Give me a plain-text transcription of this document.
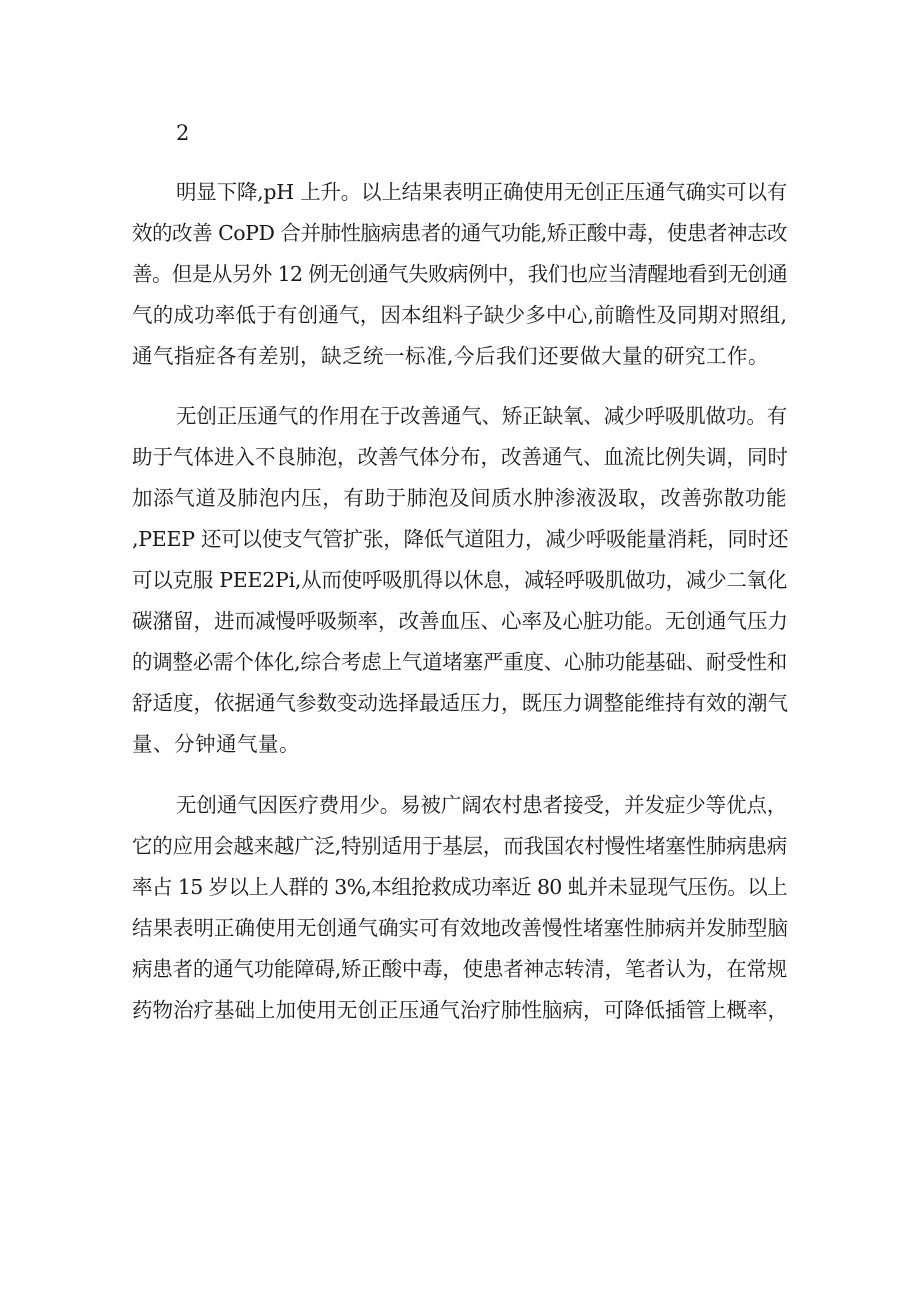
2
明显下降,pH 上升。以上结果表明正确使用无创正压通气确实可以有
效的改善 CoPD 合并肺性脑病患者的通气功能,矫正酸中毒，使患者神志改
善。但是从另外 12 例无创通气失败病例中，我们也应当清醒地看到无创通
气的成功率低于有创通气，因本组料子缺少多中心,前瞻性及同期对照组,
通气指症各有差别，缺乏统一标准,今后我们还要做大量的研究工作。
无创正压通气的作用在于改善通气、矫正缺氧、减少呼吸肌做功。有
助于气体进入不良肺泡，改善气体分布，改善通气、血流比例失调，同时
加添气道及肺泡内压，有助于肺泡及间质水肿渗液汲取，改善弥散功能
,PEEP 还可以使支气管扩张，降低气道阻力，减少呼吸能量消耗，同时还
可以克服 PEE2Pi,从而使呼吸肌得以休息，减轻呼吸肌做功，减少二氧化
碳潴留，进而减慢呼吸频率，改善血压、心率及心脏功能。无创通气压力
的调整必需个体化,综合考虑上气道堵塞严重度、心肺功能基础、耐受性和
舒适度，依据通气参数变动选择最适压力，既压力调整能维持有效的潮气
量、分钟通气量。
无创通气因医疗费用少。易被广阔农村患者接受，并发症少等优点，
它的应用会越来越广泛,特别适用于基层，而我国农村慢性堵塞性肺病患病
率占 15 岁以上人群的 3%,本组抢救成功率近 80 虬并未显现气压伤。以上
结果表明正确使用无创通气确实可有效地改善慢性堵塞性肺病并发肺型脑
病患者的通气功能障碍,矫正酸中毒，使患者神志转清，笔者认为，在常规
药物治疗基础上加使用无创正压通气治疗肺性脑病，可降低插管上概率，
